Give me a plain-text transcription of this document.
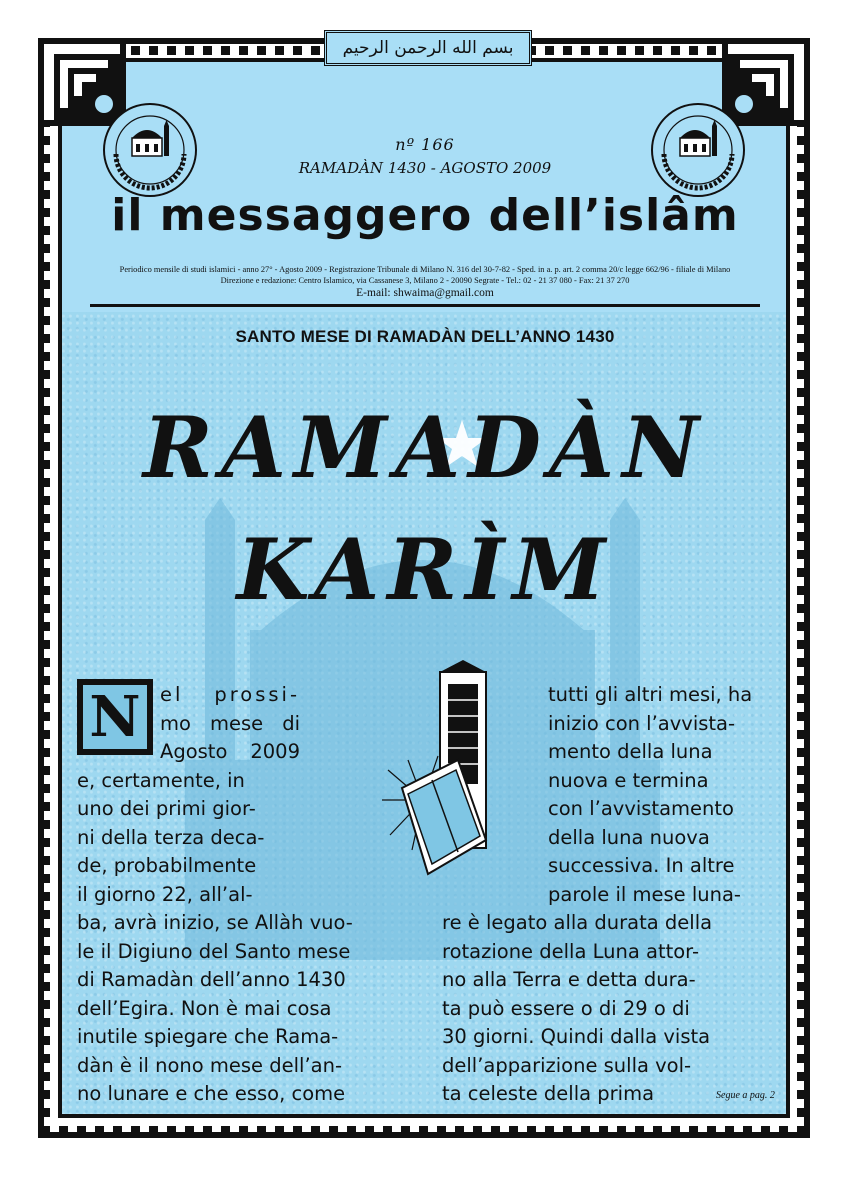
بسم الله الرحمن الرحيم
nº 166
RAMADÀN 1430 - AGOSTO 2009
il messaggero dell’islâm
Periodico mensile di studi islamici - anno 27° - Agosto 2009 - Registrazione Tribunale di Milano N. 316 del 30-7-82 - Sped. in a. p. art. 2 comma 20/c legge 662/96 - filiale di Milano
Direzione e redazione: Centro Islamico, via Cassanese 3, Milano 2 - 20090 Segrate - Tel.: 02 - 21 37 080 - Fax: 21 37 270
E-mail: shwaima@gmail.com
SANTO MESE DI RAMADÀN DELL’ANNO 1430
RAMADÀN
KARÌM
N el prossi-
mo mese di
Agosto 2009
e, certamente, in
uno dei primi gior-
ni della terza deca-
de, probabilmente
il giorno 22, all’al-
ba, avrà inizio, se Allàh vuo-
le il Digiuno del Santo mese
di Ramadàn dell’anno 1430
dell’Egira. Non è mai cosa
inutile spiegare che Rama-
dàn è il nono mese dell’an-
no lunare e che esso, come
tutti gli altri mesi, ha
inizio con l’avvista-
mento della luna
nuova e termina
con l’avvistamento
della luna nuova
successiva. In altre
parole il mese luna-
re è legato alla durata della
rotazione della Luna attor-
no alla Terra e detta dura-
ta può essere o di 29 o di
30 giorni. Quindi dalla vista
dell’apparizione sulla vol-
ta celeste della prima	Segue a pag. 2
